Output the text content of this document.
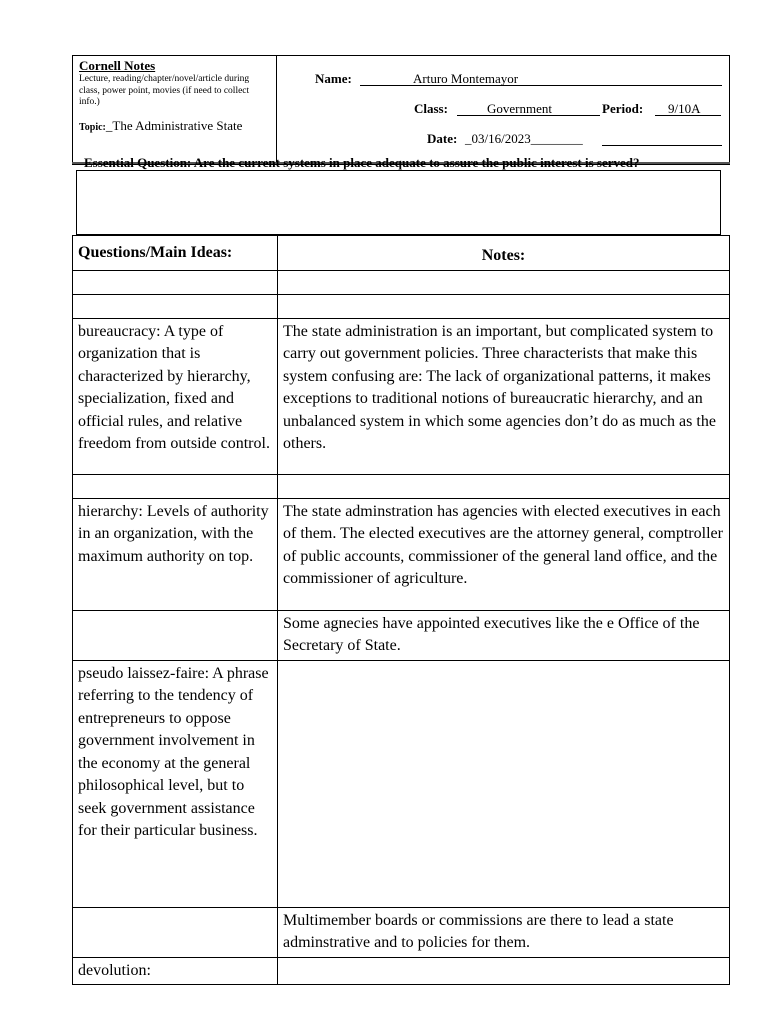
Cornell Notes
Lecture, reading/chapter/novel/article during class, power point, movies (if need to collect info.)
Topic:_The Administrative State
Name:	Arturo Montemayor
Class:	Government	Period: 9/10A
Date: _03/16/2023________
Essential Question: Are the current systems in place adequate to assure the public interest is served?
Questions/Main Ideas:	Notes:

bureaucracy: A type of organization that is characterized by hierarchy, specialization, fixed and official rules, and relative freedom from outside control.	The state administration is an important, but complicated system to carry out government policies. Three characterists that make this system confusing are: The lack of organizational patterns, it makes exceptions to traditional notions of bureaucratic hierarchy, and an unbalanced system in which some agencies don’t do as much as the others.

hierarchy: Levels of authority in an organization, with the maximum authority on top.	The state adminstration has agencies with elected executives in each of them. The elected executives are the attorney general, comptroller of public accounts, commissioner of the general land office, and the commissioner of agriculture.
	Some agnecies have appointed executives like the e Office of the Secretary of State.
pseudo laissez-faire: A phrase referring to the tendency of entrepreneurs to oppose government involvement in the economy at the general philosophical level, but to seek government assistance for their particular business.	
	Multimember boards or commissions are there to lead a state adminstrative and to policies for them.
devolution:	
